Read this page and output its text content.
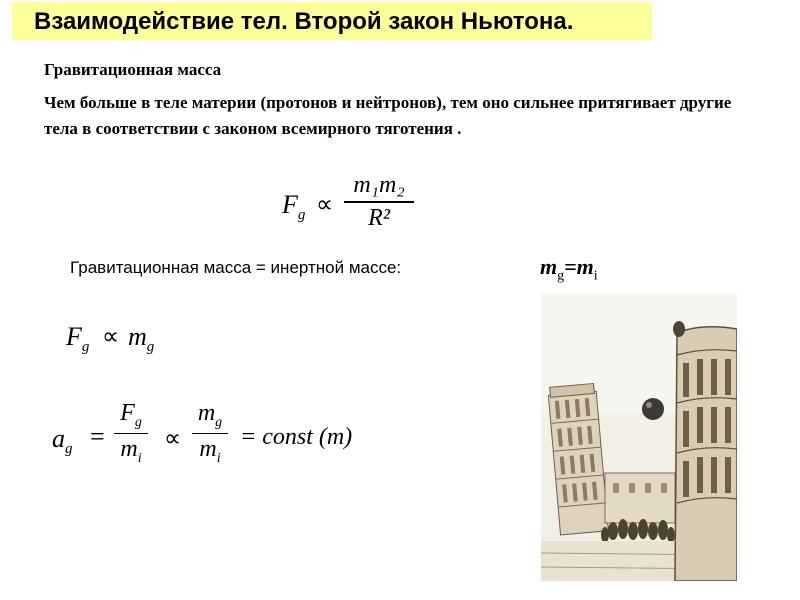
Взаимодействие тел. Второй закон Ньютона.
Гравитационная масса
Чем больше в теле материи (протонов и нейтронов), тем оно сильнее притягивает другие тела в соответствии с законом всемирного тяготения .
$F_g$ ∝
m₁m₂
R²
Гравитационная масса = инертной массе:	$m_g=m_i$
$F_g \propto m_g$
$a_g$ =
$F_g$
$m_i$
∝
$m_g$
$m_i$
= const (m)
